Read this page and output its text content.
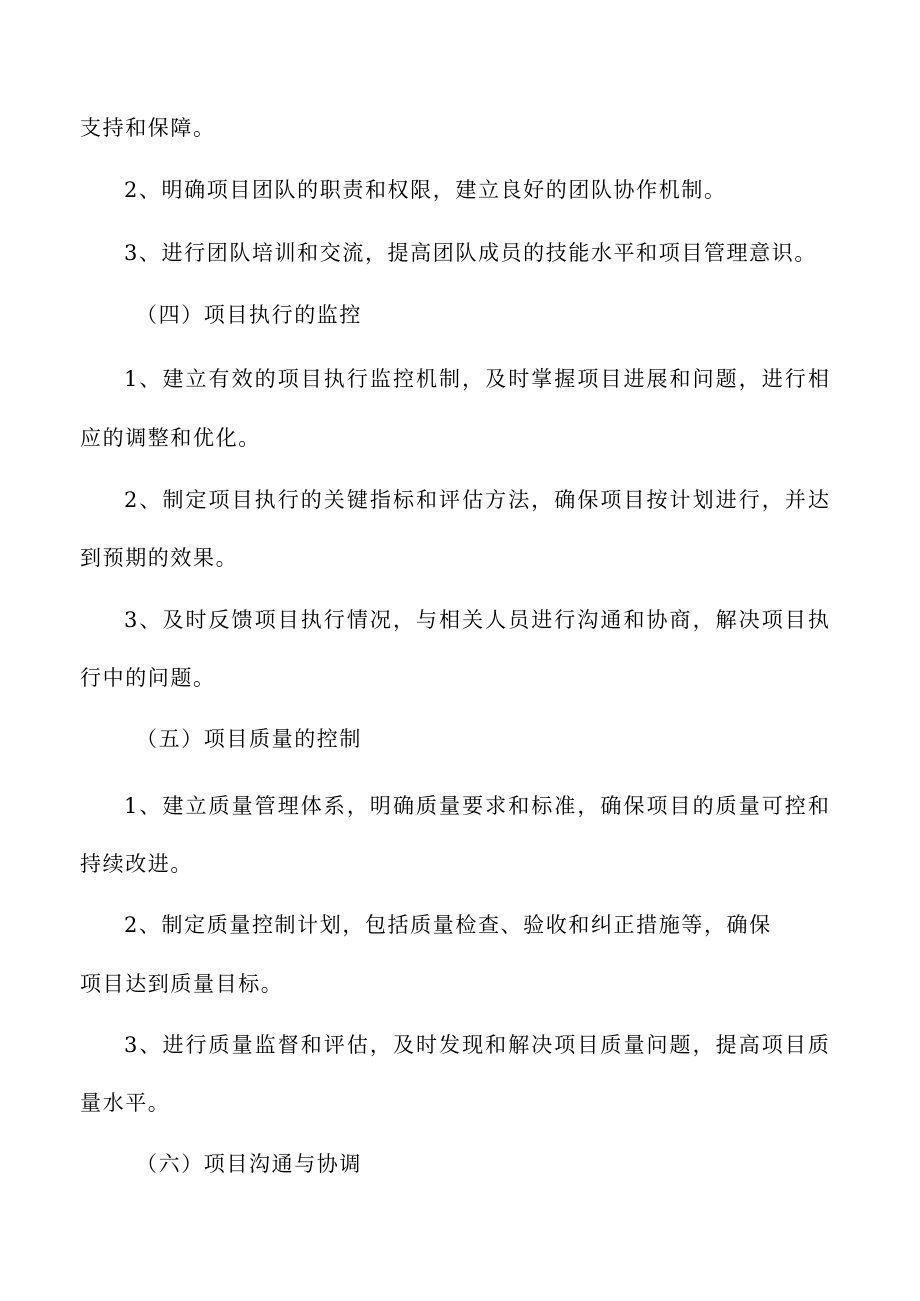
支持和保障。
2、明确项目团队的职责和权限，建立良好的团队协作机制。
3、进行团队培训和交流，提高团队成员的技能水平和项目管理意识。
（四）项目执行的监控
1、建立有效的项目执行监控机制，及时掌握项目进展和问题，进行相
应的调整和优化。
2、制定项目执行的关键指标和评估方法，确保项目按计划进行，并达
到预期的效果。
3、及时反馈项目执行情况，与相关人员进行沟通和协商，解决项目执
行中的问题。
（五）项目质量的控制
1、建立质量管理体系，明确质量要求和标准，确保项目的质量可控和
持续改进。
2、制定质量控制计划，包括质量检查、验收和纠正措施等，确保
项目达到质量目标。
3、进行质量监督和评估，及时发现和解决项目质量问题，提高项目质
量水平。
（六）项目沟通与协调
